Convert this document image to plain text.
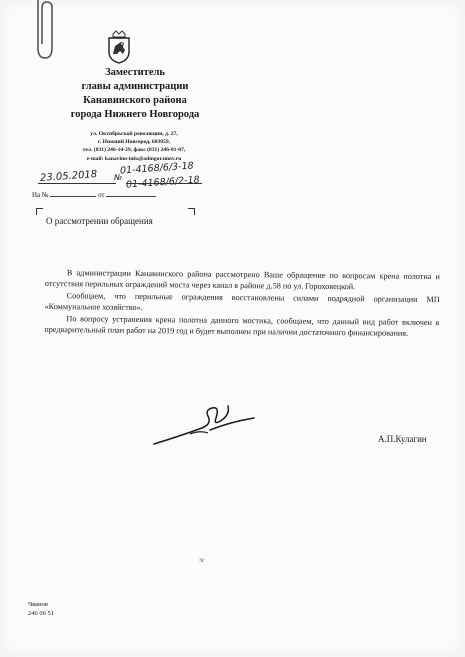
Заместитель
главы администрации
Канавинского района
города Нижнего Новгорода
ул. Октябрьской революции, д. 27,
г. Нижний Новгород, 603059,
тел. (831) 246-14-29, факс (831) 246-01-07,
e-mail: kanavino-info@admgor.nnov.ru
23.05.2018 №
01-4168/6/3-18
01-4168/6/2-18
На №	от
О рассмотрении обращения

В администрации Канавинского района рассмотрено Ваше обращение по вопросам крена полотна и отсутствия перильных ограждений моста через канал в районе д.58 по ул. Гороховецкой.

Сообщаем, что перильные ограждения восстановлены силами подрядной организации МП «Коммунальное хозяйство».

По вопросу устранения крена полотна данного мостика, сообщаем, что данный вид работ включен в предварительный план работ на 2019 год и будет выполнен при наличии достаточного финансирования.

А.П.Кулагин
3г
Чванов
246 06 51
